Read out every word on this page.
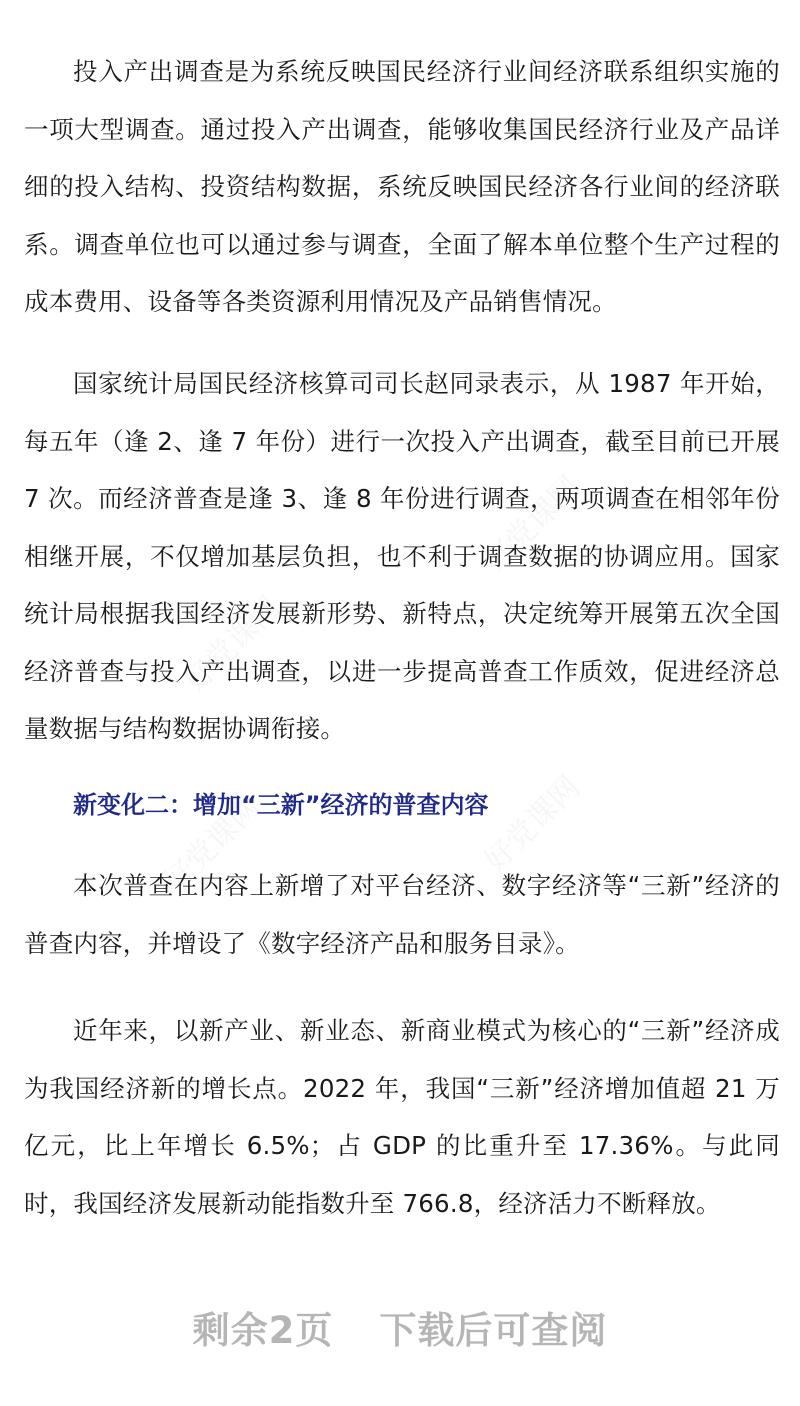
投入产出调查是为系统反映国民经济行业间经济联系组织实施的一项大型调查。通过投入产出调查，能够收集国民经济行业及产品详细的投入结构、投资结构数据，系统反映国民经济各行业间的经济联系。调查单位也可以通过参与调查，全面了解本单位整个生产过程的成本费用、设备等各类资源利用情况及产品销售情况。

国家统计局国民经济核算司司长赵同录表示，从 1987 年开始，每五年（逢 2、逢 7 年份）进行一次投入产出调查，截至目前已开展 7 次。而经济普查是逢 3、逢 8 年份进行调查，两项调查在相邻年份相继开展，不仅增加基层负担，也不利于调查数据的协调应用。国家统计局根据我国经济发展新形势、新特点，决定统筹开展第五次全国经济普查与投入产出调查，以进一步提高普查工作质效，促进经济总量数据与结构数据协调衔接。

新变化二：增加“三新”经济的普查内容

本次普查在内容上新增了对平台经济、数字经济等“三新”经济的普查内容，并增设了《数字经济产品和服务目录》。

近年来，以新产业、新业态、新商业模式为核心的“三新”经济成为我国经济新的增长点。2022 年，我国“三新”经济增加值超 21 万亿元，比上年增长 6.5%；占 GDP 的比重升至 17.36%。与此同时，我国经济发展新动能指数升至 766.8，经济活力不断释放。

好党课网
好党课网
好党课网	好党课网
剩余2页 下载后可查阅
